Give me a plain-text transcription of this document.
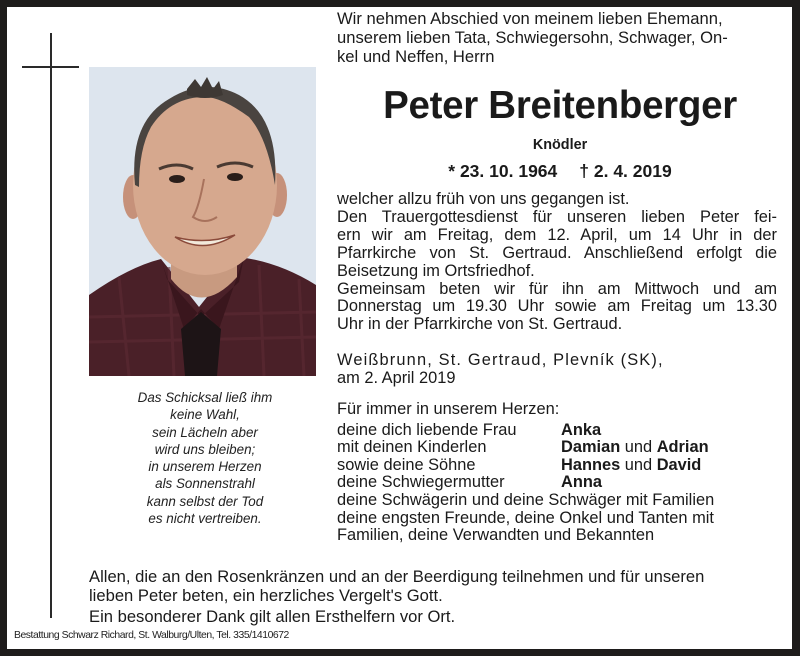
Das Schicksal ließ ihm
keine Wahl,
sein Lächeln aber
wird uns bleiben;
in unserem Herzen
als Sonnenstrahl
kann selbst der Tod
es nicht vertreiben.
Wir nehmen Abschied von meinem lieben Ehemann,
unserem lieben Tata, Schwiegersohn, Schwager, On-
kel und Neffen, Herrn
Peter Breitenberger
Knödler
* 23. 10. 1964 † 2. 4. 2019
welcher allzu früh von uns gegangen ist.
Den Trauergottesdienst für unseren lieben Peter fei-
ern wir am Freitag, dem 12. April, um 14 Uhr in der
Pfarrkirche von St. Gertraud. Anschließend erfolgt die
Beisetzung im Ortsfriedhof.
Gemeinsam beten wir für ihn am Mittwoch und am
Donnerstag um 19.30 Uhr sowie am Freitag um 13.30
Uhr in der Pfarrkirche von St. Gertraud.
Weißbrunn, St. Gertraud, Plevník (SK),
am 2. April 2019
Für immer in unserem Herzen:
deine dich liebende Frau	Anka
mit deinen Kinderlen	Damian und Adrian
sowie deine Söhne	Hannes und David
deine Schwiegermutter	Anna
deine Schwägerin und deine Schwäger mit Familien
deine engsten Freunde, deine Onkel und Tanten mit
Familien, deine Verwandten und Bekannten
Allen, die an den Rosenkränzen und an der Beerdigung teilnehmen und für unseren
lieben Peter beten, ein herzliches Vergelt's Gott.
Ein besonderer Dank gilt allen Ersthelfern vor Ort.
Bestattung Schwarz Richard, St. Walburg/Ulten, Tel. 335/1410672
